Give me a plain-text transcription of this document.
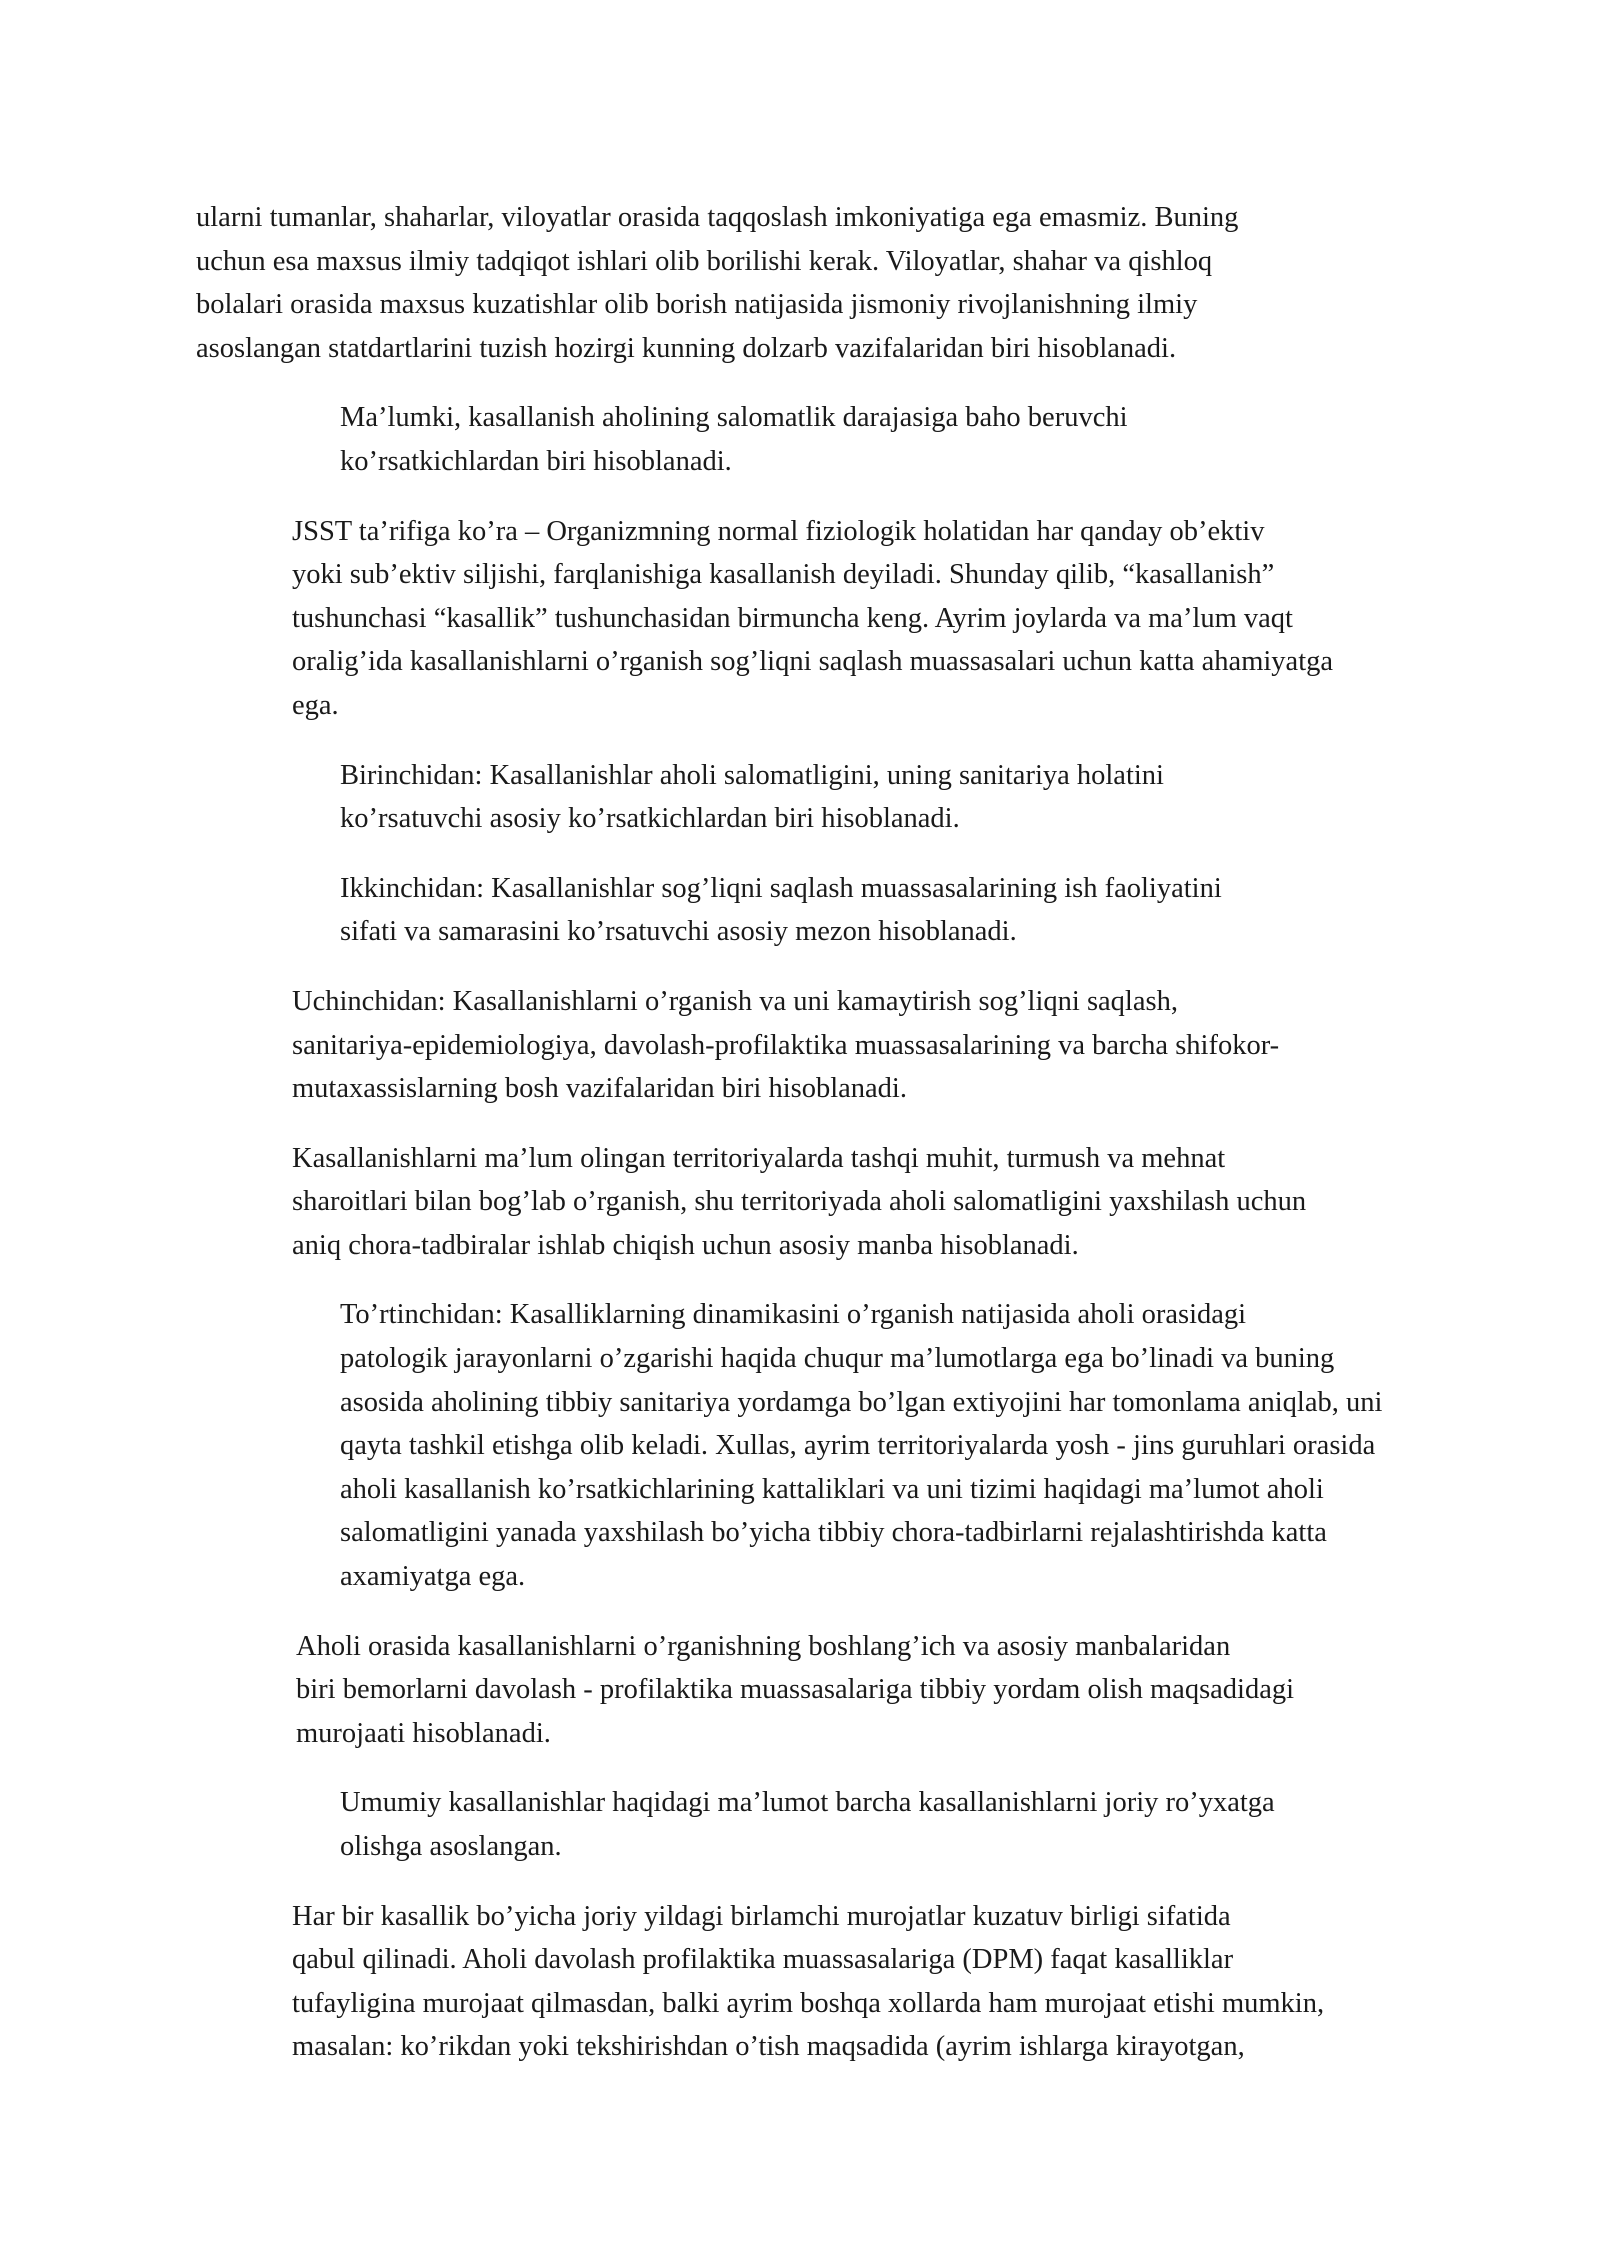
ularni tumanlar, shaharlar, viloyatlar orasida taqqoslash imkoniyatiga ega emasmiz. Buning
uchun esa maxsus ilmiy tadqiqot ishlari olib borilishi kerak. Viloyatlar, shahar va qishloq
bolalari orasida maxsus kuzatishlar olib borish natijasida jismoniy rivojlanishning ilmiy
asoslangan statdartlarini tuzish hozirgi kunning dolzarb vazifalaridan biri hisoblanadi.

Ma’lumki, kasallanish aholining salomatlik darajasiga baho beruvchi
ko’rsatkichlardan biri hisoblanadi.

JSST ta’rifiga ko’ra – Organizmning normal fiziologik holatidan har qanday ob’ektiv
yoki sub’ektiv siljishi, farqlanishiga kasallanish deyiladi. Shunday qilib, “kasallanish”
tushunchasi “kasallik” tushunchasidan birmuncha keng. Ayrim joylarda va ma’lum vaqt
oralig’ida kasallanishlarni o’rganish sog’liqni saqlash muassasalari uchun katta ahamiyatga
ega.

Birinchidan: Kasallanishlar aholi salomatligini, uning sanitariya holatini
ko’rsatuvchi asosiy ko’rsatkichlardan biri hisoblanadi.

Ikkinchidan: Kasallanishlar sog’liqni saqlash muassasalarining ish faoliyatini
sifati va samarasini ko’rsatuvchi asosiy mezon hisoblanadi.

Uchinchidan: Kasallanishlarni o’rganish va uni kamaytirish sog’liqni saqlash,
sanitariya-epidemiologiya, davolash-profilaktika muassasalarining va barcha shifokor-
mutaxassislarning bosh vazifalaridan biri hisoblanadi.

Kasallanishlarni ma’lum olingan territoriyalarda tashqi muhit, turmush va mehnat
sharoitlari bilan bog’lab o’rganish, shu territoriyada aholi salomatligini yaxshilash uchun
aniq chora-tadbiralar ishlab chiqish uchun asosiy manba hisoblanadi.

To’rtinchidan: Kasalliklarning dinamikasini o’rganish natijasida aholi orasidagi
patologik jarayonlarni o’zgarishi haqida chuqur ma’lumotlarga ega bo’linadi va buning
asosida aholining tibbiy sanitariya yordamga bo’lgan extiyojini har tomonlama aniqlab, uni
qayta tashkil etishga olib keladi. Xullas, ayrim territoriyalarda yosh - jins guruhlari orasida
aholi kasallanish ko’rsatkichlarining kattaliklari va uni tizimi haqidagi ma’lumot aholi
salomatligini yanada yaxshilash bo’yicha tibbiy chora-tadbirlarni rejalashtirishda katta
axamiyatga ega.

Aholi orasida kasallanishlarni o’rganishning boshlang’ich va asosiy manbalaridan
biri bemorlarni davolash - profilaktika muassasalariga tibbiy yordam olish maqsadidagi
murojaati hisoblanadi.

Umumiy kasallanishlar haqidagi ma’lumot barcha kasallanishlarni joriy ro’yxatga
olishga asoslangan.

Har bir kasallik bo’yicha joriy yildagi birlamchi murojatlar kuzatuv birligi sifatida
qabul qilinadi. Aholi davolash profilaktika muassasalariga (DPM) faqat kasalliklar
tufayligina murojaat qilmasdan, balki ayrim boshqa xollarda ham murojaat etishi mumkin,
masalan: ko’rikdan yoki tekshirishdan o’tish maqsadida (ayrim ishlarga kirayotgan,
